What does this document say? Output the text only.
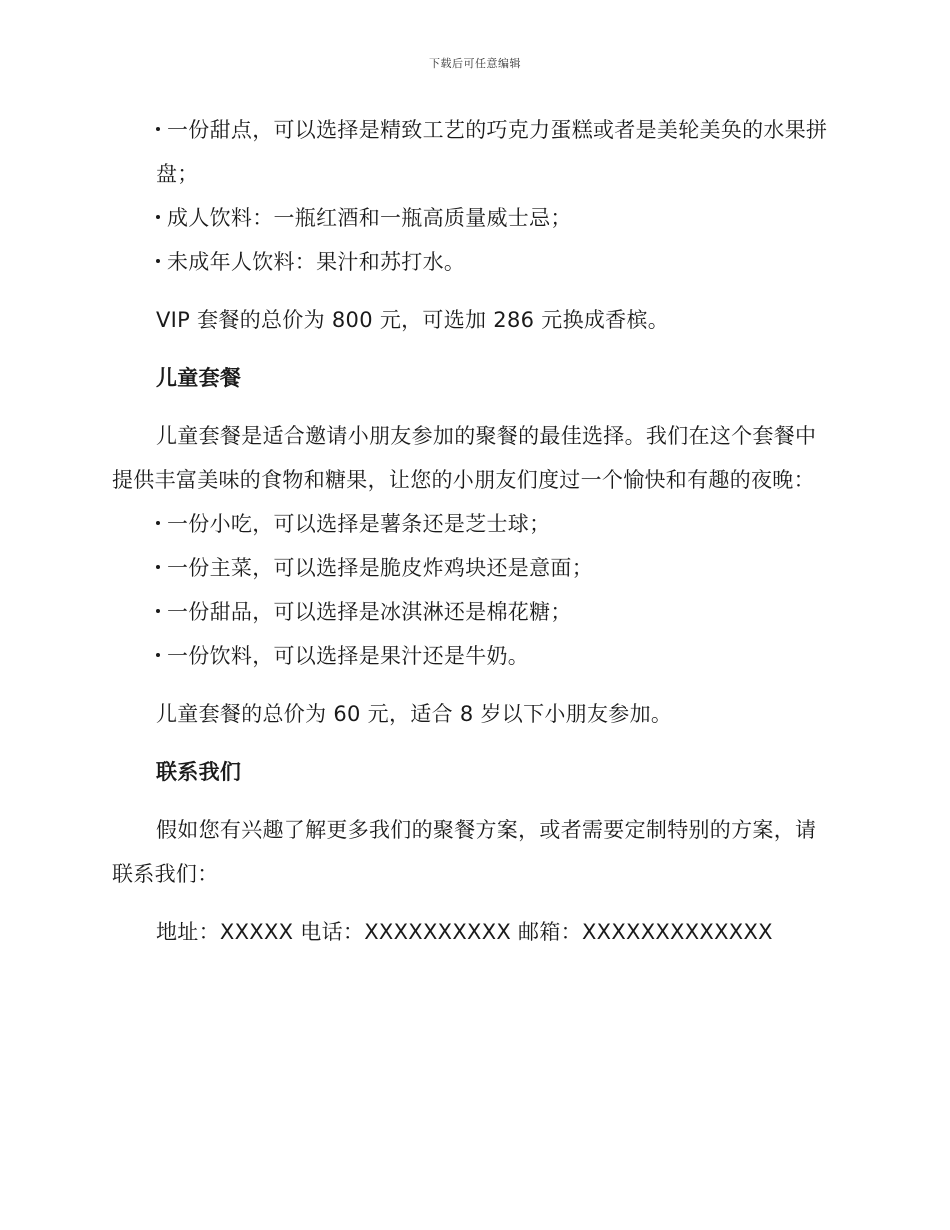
下载后可任意编辑

一份甜点，可以选择是精致工艺的巧克力蛋糕或者是美轮美奂的水果拼盘；

成人饮料：一瓶红酒和一瓶高质量威士忌；

未成年人饮料：果汁和苏打水。

VIP 套餐的总价为 800 元，可选加 286 元换成香槟。

儿童套餐

儿童套餐是适合邀请小朋友参加的聚餐的最佳选择。我们在这个套餐中提供丰富美味的食物和糖果，让您的小朋友们度过一个愉快和有趣的夜晚：

一份小吃，可以选择是薯条还是芝士球；

一份主菜，可以选择是脆皮炸鸡块还是意面；

一份甜品，可以选择是冰淇淋还是棉花糖；

一份饮料，可以选择是果汁还是牛奶。

儿童套餐的总价为 60 元，适合 8 岁以下小朋友参加。

联系我们

假如您有兴趣了解更多我们的聚餐方案，或者需要定制特别的方案，请联系我们：

地址：XXXXX 电话：XXXXXXXXXX 邮箱：XXXXXXXXXXXXX
